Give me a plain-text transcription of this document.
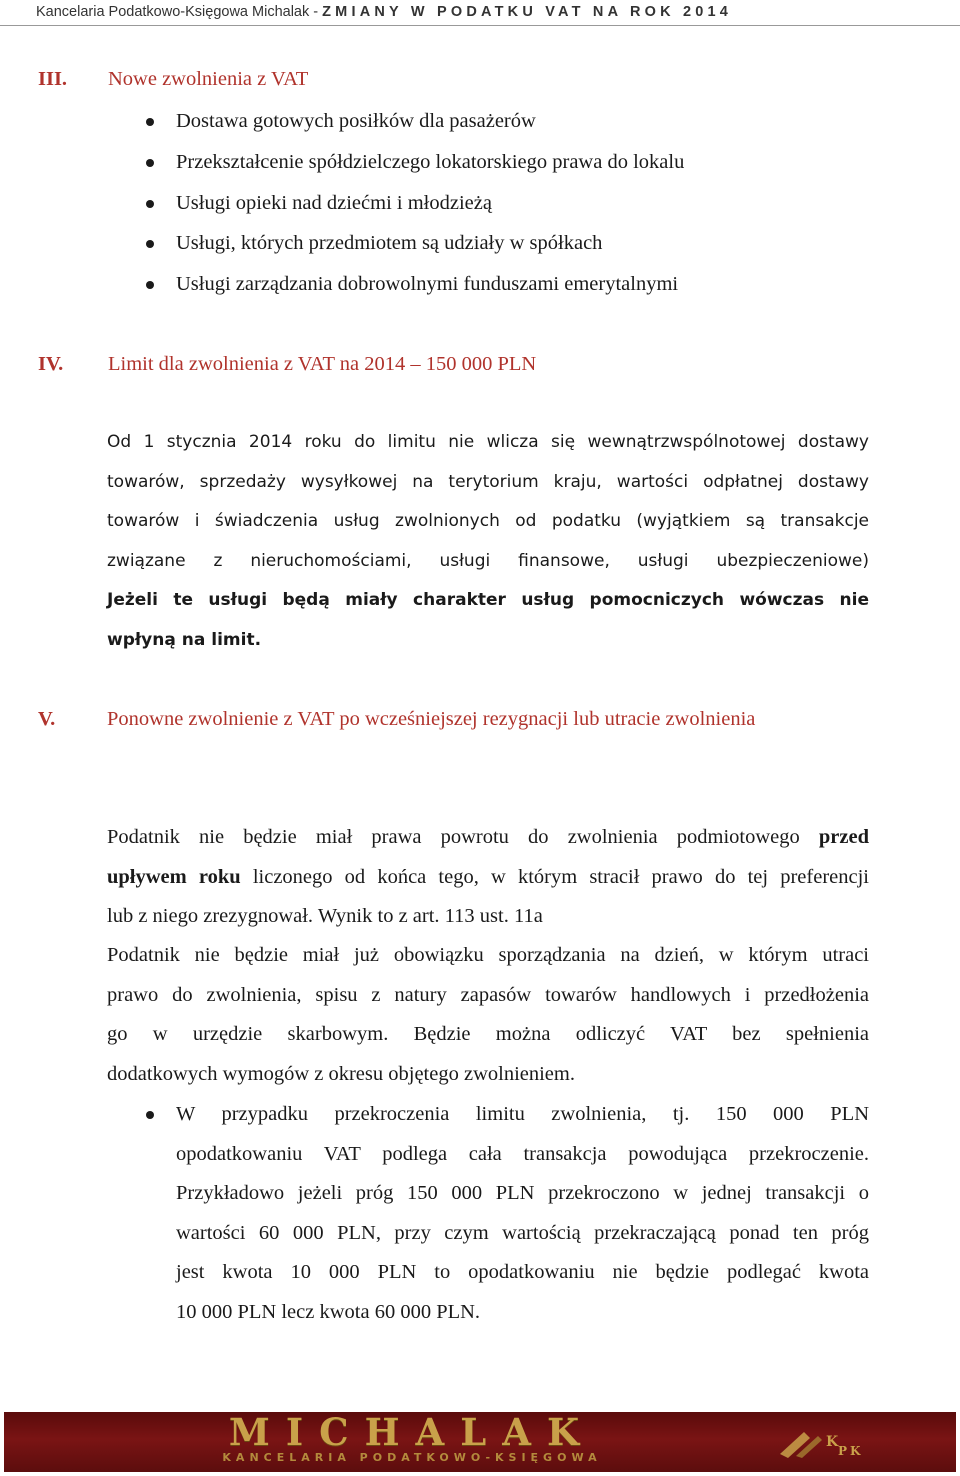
Kancelaria Podatkowo-Księgowa Michalak - ZMIANY W PODATKU VAT NA ROK 2014
III. Nowe zwolnienia z VAT
Dostawa gotowych posiłków dla pasażerów
Przekształcenie spółdzielczego lokatorskiego prawa do lokalu
Usługi opieki nad dziećmi i młodzieżą
Usługi, których przedmiotem są udziały w spółkach
Usługi zarządzania dobrowolnymi funduszami emerytalnymi
IV. Limit dla zwolnienia z VAT na 2014 – 150 000 PLN
Od 1 stycznia 2014 roku do limitu nie wlicza się wewnątrzwspólnotowej dostawy
towarów, sprzedaży wysyłkowej na terytorium kraju, wartości odpłatnej dostawy
towarów i świadczenia usług zwolnionych od podatku (wyjątkiem są transakcje
związane z nieruchomościami, usługi finansowe, usługi ubezpieczeniowe)
Jeżeli te usługi będą miały charakter usług pomocniczych wówczas nie
wpłyną na limit.
V.	Ponowne zwolnienie z VAT po wcześniejszej rezygnacji lub utracie zwolnienia
Podatnik nie będzie miał prawa powrotu do zwolnienia podmiotowego przed
upływem roku liczonego od końca tego, w którym stracił prawo do tej preferencji
lub z niego zrezygnował. Wynik to z art. 113 ust. 11a
Podatnik nie będzie miał już obowiązku sporządzania na dzień, w którym utraci
prawo do zwolnienia, spisu z natury zapasów towarów handlowych i przedłożenia
go w urzędzie skarbowym. Będzie można odliczyć VAT bez spełnienia
dodatkowych wymogów z okresu objętego zwolnieniem.
W przypadku przekroczenia limitu zwolnienia, tj. 150 000 PLN
opodatkowaniu VAT podlega cała transakcja powodująca przekroczenie.
Przykładowo jeżeli próg 150 000 PLN przekroczono w jednej transakcji o
wartości 60 000 PLN, przy czym wartością przekraczającą ponad ten próg
jest kwota 10 000 PLN to opodatkowaniu nie będzie podlegać kwota
10 000 PLN lecz kwota 60 000 PLN.
MICHALAK
KANCELARIA PODATKOWO-KSIĘGOWA
K
P K
